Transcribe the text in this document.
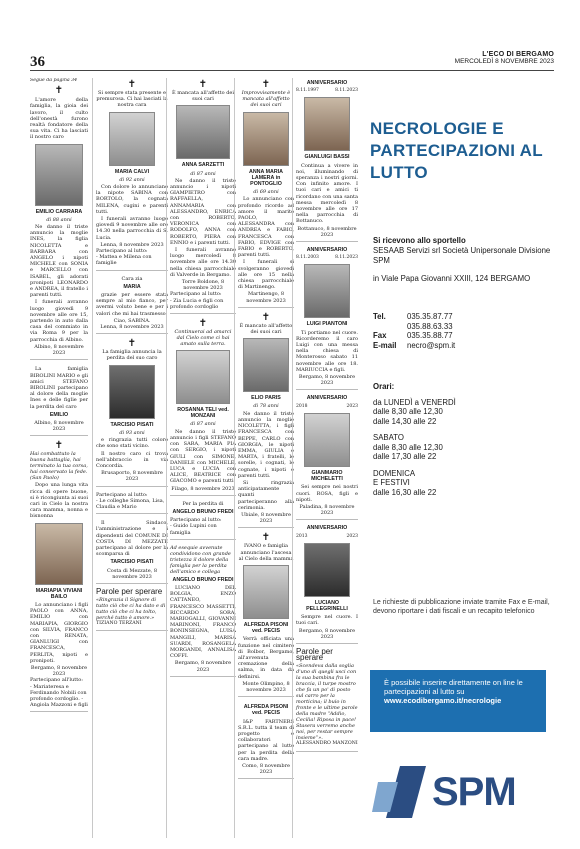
36	L'ECO DI BERGAMO
MERCOLEDÌ 8 NOVEMBRE 2023
Segue da pagina 34
✝
L'amore della famiglia, la gioia dei lavoro, il culto dell'onestà furono realtà fondatore della sua vita. Ci ha lasciati il nostro caro
EMILIO CARRARA
di 88 anni
Ne danno il triste annuncio la moglie INES, la figlia NICOLETTA e BARBARA con ANGELO i nipoti MICHELE con SONIA e MARCELLO con ISABEL, gli adorati pronipoti LEONARDO e ANDREA, il fratello i parenti tutti.
I funerali avranno luogo giovedì 9 novembre alle ore 15, partendo in auto dalla casa del commiato in via Roma 9 per la parrocchia di Albino.
Albino, 8 novembre 2023
La famiglia BIROLINI MARIO e gli amici STEFANO BIROLINI partecipano al dolore della moglie Ines e delle figlie per la perdita del caro
EMILIO
Albino, 8 novembre 2023
✝
Hai combattuto la buona battaglia, hai terminato la tua corsa, hai conservato la fede. (San Paolo)
Dopo una lunga vita ricca di opere buone, si è ricongiunta ai suoi cari in Cielo la nostra cara mamma, nonna e bisnonna
MARIAPIA VIVIANI BAILO
Lo annunciano i figli PAOLO con ANNA, EMILIO con MARIAPIA, GIORGIO con SILVIA, FRANCO con RENATA, GIANLUIGI con FRANCESCA, PERLITA, nipoti e pronipoti.
Bergamo, 8 novembre 2023
Partecipano all'lutto:
- Mariateresa e Ferdinando Nobili con profondo cordoglio. - Angiola Mazzoni e figli
✝
Si sempre stata presente e premurosa. Ci hai lasciati la nostra cara
MARIA CALVI
di 92 anni
Con dolore lo annunciano la nipote SABINA con BORTOLO, la cognata MILENA, cugini e parenti tutti.
I funerali avranno luogo giovedì 9 novembre alle ore 14.30 nella parrocchia di S. Lucia.
Lenna, 8 novembre 2023
Partecipano al lutto:
- Mattea e Milena con famiglie
Cara zia
MARIA
grazie per essere stata sempre al mio fianco, per avermi voluto bene e per i valori che mi hai trasmesso.
Ciao, SABINA.
Lenna, 8 novembre 2023
✝
La famiglia annuncia la perdita del suo caro
TARCISIO PISATI
di 93 anni
e ringrazia tutti coloro che sono stati vicino.
Il nostro caro ci trova nell'abbraccio in via Concordia.
Brusaporto, 8 novembre 2023
Partecipano al lutto:
- Le colleghe Simona, Lisa, Claudia e Mario
Il Sindaco, l'amministrazione e i dipendenti del COMUNE DI COSTA DI MEZZATE partecipano al dolore per la scomparsa di
TARCISIO PISATI
Costa di Mezzate, 8 novembre 2023
Parole per sperare
«Ringrazia il Signore di tutto ciò che ci ha dato e di tutto ciò che ci ha tolto, perché tutto è amore.»
TIZIANO TERZANI
✝
È mancata all'affetto dei suoi cari
ANNA SARZETTI
di 87 anni
Ne danno il triste annuncio i nipoti GIAMPIETRO con RAFFAELLA, ANNAMARIA con ALESSANDRO, ENRICA con ROBERTO, VERONICA con RODOLFO, ANNA con ROBERTO, PIERA con ENNIO e i parenti tutti.
I funerali avranno luogo mercoledì 8 novembre alle ore 14.30 nella chiesa parrocchiale di Valverde in Bergamo.
Torre Boldone, 8 novembre 2023
Partecipano al lutto:
- Zia Lucia e figli con profondo cordoglio
✝
Continuerai ad amarci dal Cielo come ci hai amato sulla terra.
ROSANNA TELI ved. MONZANI
di 87 anni
Ne danno il triste annuncio i figli STEFANO con SARA, MARIA PIA con SERGIO, i nipoti GIULI con SIMONE, DANIELE con MICHELE, LUCA e LUCIA con ALICE, BEATRICE con GIACOMO e parenti tutti.
Filago, 8 novembre 2023
Per la perdita di
ANGELO BRUNO FREDI
Partecipano al lutto:
- Guido Lupini con famiglia
Ad esequie avvenute condividono con grande tristezza il dolore della famiglia per la perdita dell'amico e collega
ANGELO BRUNO FREDI
LUCIANO DEL BOLGIA, ENZO CATTANEO, FRANCESCO MASSETTI, RICCARDO SORA, MARIOGALLI, GIOVANNI MARINONI, FRANCO BONINSEGNA, LUISA MANGILI, MARISA SUARDI, ROSANGELA MORGANDI, ANNALISA COFFI.
Bergamo, 8 novembre 2023
✝
Improvvisamente è mancata all'affetto dei suoi cari
ANNA MARIA LAMERA in PONTOGLIO
di 69 anni
Lo annunciano con profondo ricordo ad amore il marito PAOLO, ALESSANDRA con ANDREA e FABIO, FRANCESCA con FABIO, EDVIGE con FABIO e ROBERTO, parenti tutti.
I funerali si svolgeranno giovedì alle ore 15 nella chiesa parrocchiale di Martinengo.
Martinengo, 8 novembre 2023
✝
È mancato all'affetto dei suoi cari
ELIO PARIS
di 78 anni
Ne danno il triste annuncio la moglie NICOLETTA, i figli FRANCESCA con BEPPE, CARLO con GIORGIA, le nipoti EMMA, GIULIA e MARTA, i fratelli, le sorelle, i cognati, le cognate, i nipoti e parenti tutti.
Si ringrazia anticipatamente quanti parteciperanno alla cerimonia.
Ubiale, 8 novembre 2023
✝
IVANO e famiglia annunciano l'ascesa al Cielo della mamma
ALFREDA PISONI ved. PECIS
Verrà officiata una funzione nel cimitero di Bolbor, Bergamo, all'avvenuta cremazione della salma, in data da definirsi.
Monte Olimpino, 8 novembre 2023
ALFREDA PISONI ved. PECIS
I&P FARTNERS S.R.L. tutta il team di progetto e collaboratori partecipano al lutto per la perdita della cara madre.
Como, 8 novembre 2023
ANNIVERSARIO
8.11.1997	8.11.2023
GIANLUIGI BASSI
Continua a vivere in noi, illuminando di speranza i nostri giorni. Con infinito amore. I tuoi cari e amici ti ricordano con una santa messa mercoledì 8 novembre alle ore 17 nella parrocchia di Bottanuco.
Bottanuco, 8 novembre 2023
ANNIVERSARIO
8.11.2003	8.11.2023
LUIGI PIANTONI
Ti portiamo nel cuore. Ricorderemo il caro Luigi con una messa nella chiesa di Monterosso sabato 11 novembre alle ore 18. MARIUCCIA e figli.
Bergamo, 8 novembre 2023
ANNIVERSARIO
2018	2023
GIANMARIO MICHELETTI
Sei sempre nei nostri cuori. ROSA, figli e nipoti.
Paladina, 8 novembre 2023
ANNIVERSARIO
2013	2023
LUCIANO PELLEGRINELLI
Sempre nel cuore. I tuoi cari.
Bergamo, 8 novembre 2023
Parole per sperare
«Scendeva dalla soglia d'uno di quegli usci con la sua bambina fra le braccia, il turpe mostro che fa un po' di posto sul carro per la morticina; il buio in fronte e le ultime parole della madre “Addio, Cecilia! Riposa in pace! Stasera verremo anche noi, per restar sempre insieme”».
ALESSANDRO MANZONI
NECROLOGIE E PARTECIPAZIONI AL LUTTO
Si ricevono allo sportello
SESAAB Servizi srl Società Unipersonale Divisione SPM
in Viale Papa Giovanni XXIII, 124 BERGAMO
Tel.	035.35.87.77
035.88.63.33
Fax	035.35.88.77
E-mail	necro@spm.it
Orari:
da LUNEDÌ a VENERDÌ
dalle 8,30 alle 12,30
dalle 14,30 alle 22
SABATO
dalle 8,30 alle 12,30
dalle 17,30 alle 22
DOMENICA
E FESTIVI
dalle 16,30 alle 22
Le richieste di pubblicazione inviate tramite Fax e E-mail, devono riportare i dati fiscali e un recapito telefonico
È possibile inserire direttamente on line le partecipazioni al lutto su
www.ecodibergamo.it/necrologie
SPM
